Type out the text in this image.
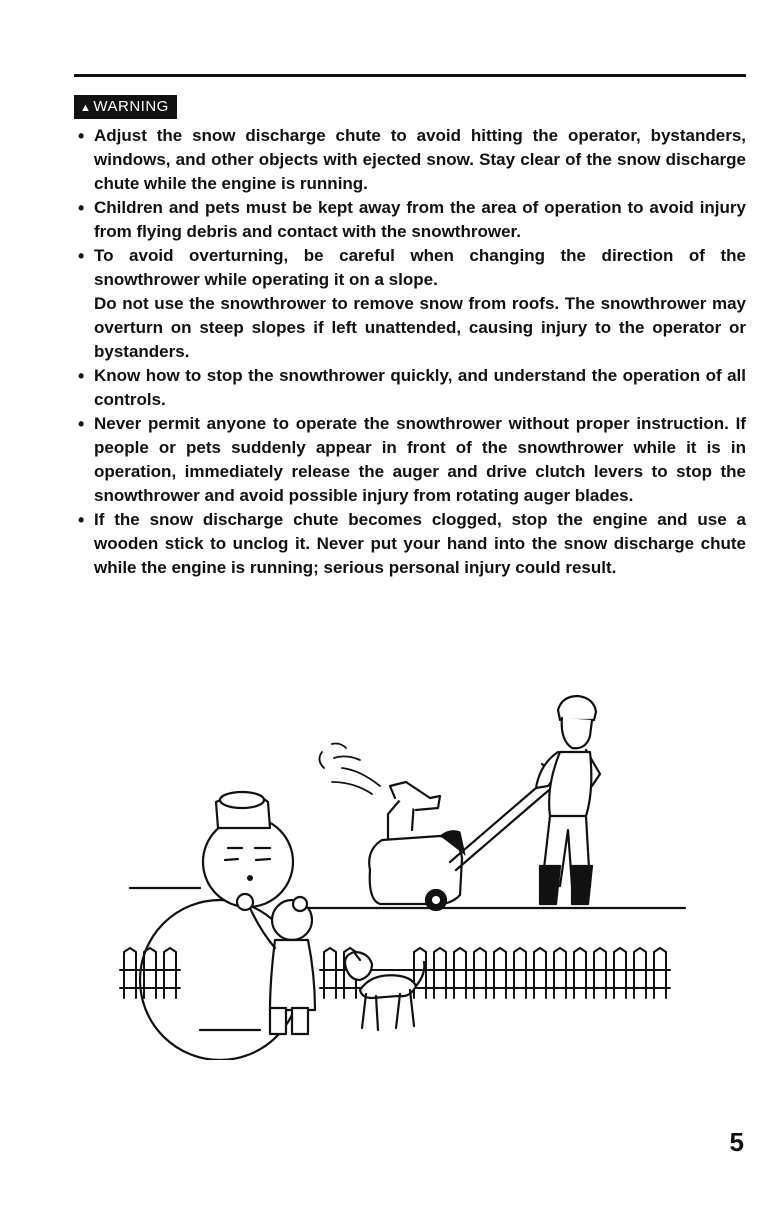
▲ WARNING
• Adjust the snow discharge chute to avoid hitting the operator, bystanders, windows, and other objects with ejected snow. Stay clear of the snow discharge chute while the engine is running.

• Children and pets must be kept away from the area of operation to avoid injury from flying debris and contact with the snowthrower.

• To avoid overturning, be careful when changing the direction of the snowthrower while operating it on a slope.

Do not use the snowthrower to remove snow from roofs. The snowthrower may overturn on steep slopes if left unattended, causing injury to the operator or bystanders.

• Know how to stop the snowthrower quickly, and understand the operation of all controls.

• Never permit anyone to operate the snowthrower without proper instruction. If people or pets suddenly appear in front of the snowthrower while it is in operation, immediately release the auger and drive clutch levers to stop the snowthrower and avoid possible injury from rotating auger blades.

• If the snow discharge chute becomes clogged, stop the engine and use a wooden stick to unclog it. Never put your hand into the snow discharge chute while the engine is running; serious personal injury could result.

5
